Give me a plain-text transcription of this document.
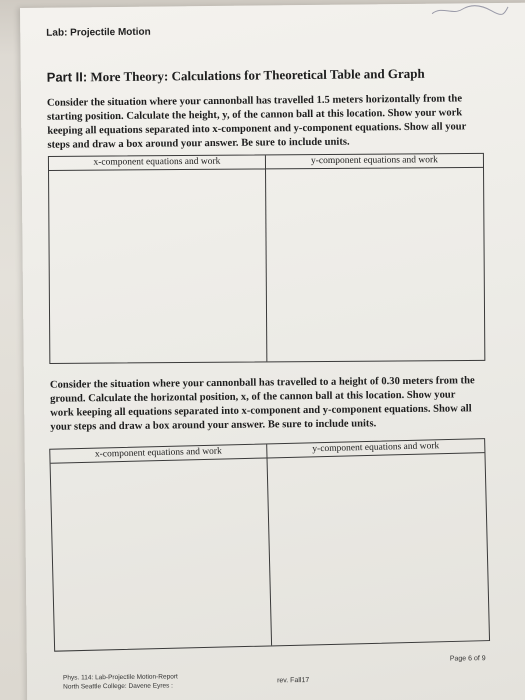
Lab: Projectile Motion
Part II: More Theory: Calculations for Theoretical Table and Graph
Consider the situation where your cannonball has travelled 1.5 meters horizontally from the starting position. Calculate the height, y, of the cannon ball at this location. Show your work keeping all equations separated into x-component and y-component equations. Show all your steps and draw a box around your answer. Be sure to include units.
x-component equations and work	y-component equations and work
Consider the situation where your cannonball has travelled to a height of 0.30 meters from the ground. Calculate the horizontal position, x, of the cannon ball at this location. Show your work keeping all equations separated into x-component and y-component equations. Show all your steps and draw a box around your answer. Be sure to include units.
x-component equations and work	y-component equations and work
Phys. 114: Lab-Projectile Motion-Report
North Seattle College: Davene Eyres :
rev. Fall17
Page 6 of 9
